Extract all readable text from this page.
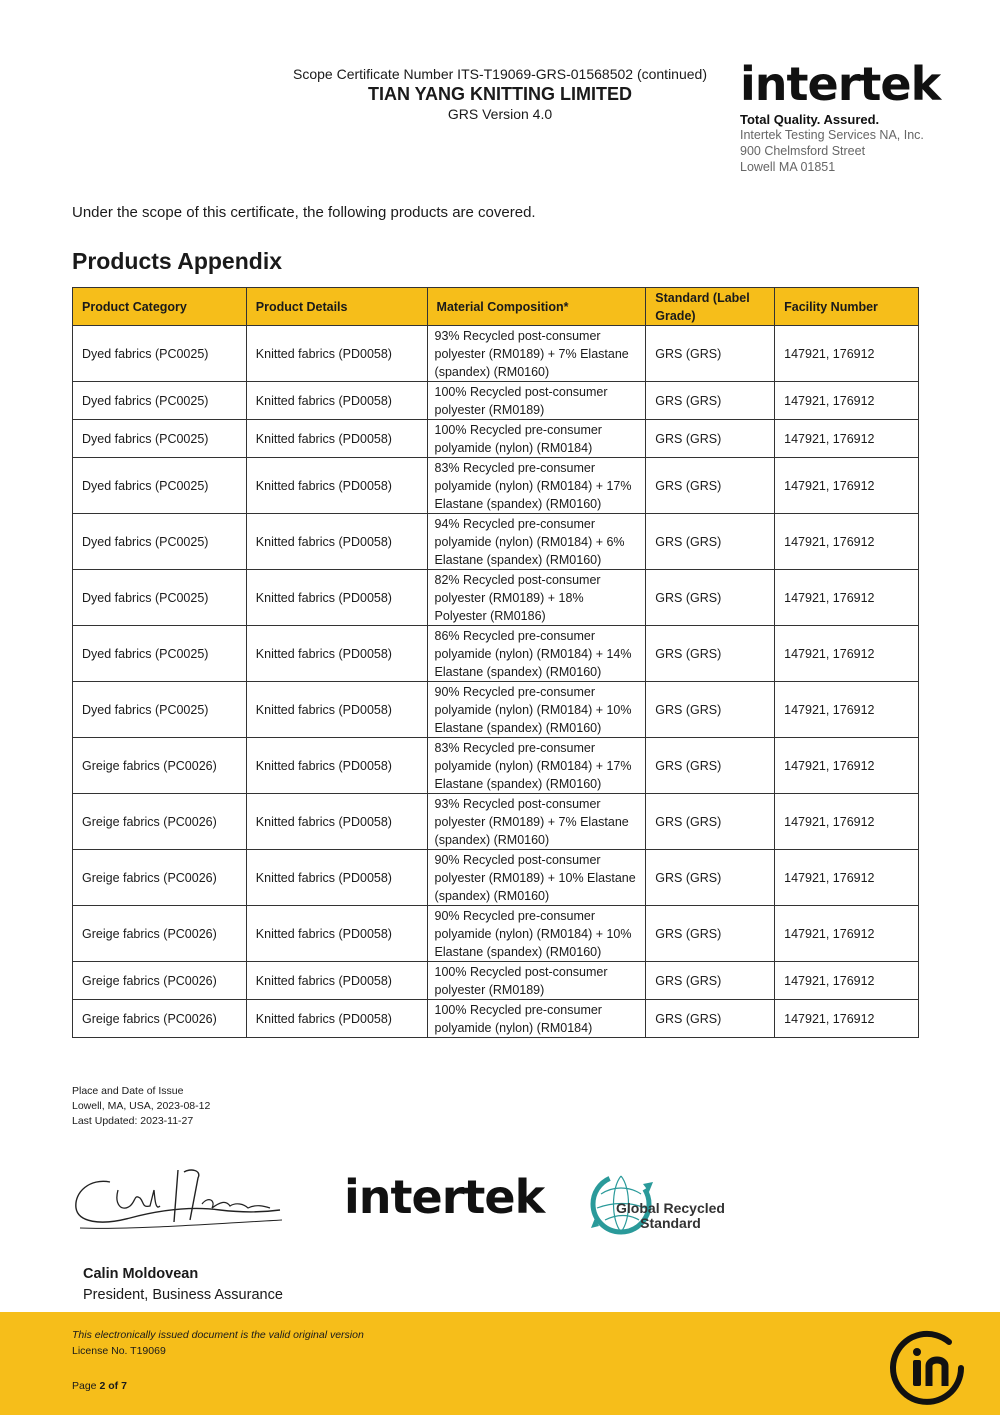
Scope Certificate Number ITS-T19069-GRS-01568502 (continued)
TIAN YANG KNITTING LIMITED
GRS Version 4.0
intertek
Total Quality. Assured.
Intertek Testing Services NA, Inc.
900 Chelmsford Street
Lowell MA 01851
Under the scope of this certificate, the following products are covered.
Products Appendix
Product Category	Product Details	Material Composition*	Standard (Label Grade)	Facility Number
Dyed fabrics (PC0025)	Knitted fabrics (PD0058)	93% Recycled post-consumer polyester (RM0189) + 7% Elastane (spandex) (RM0160)	GRS (GRS)	147921, 176912
Dyed fabrics (PC0025)	Knitted fabrics (PD0058)	100% Recycled post-consumer polyester (RM0189)	GRS (GRS)	147921, 176912
Dyed fabrics (PC0025)	Knitted fabrics (PD0058)	100% Recycled pre-consumer polyamide (nylon) (RM0184)	GRS (GRS)	147921, 176912
Dyed fabrics (PC0025)	Knitted fabrics (PD0058)	83% Recycled pre-consumer polyamide (nylon) (RM0184) + 17% Elastane (spandex) (RM0160)	GRS (GRS)	147921, 176912
Dyed fabrics (PC0025)	Knitted fabrics (PD0058)	94% Recycled pre-consumer polyamide (nylon) (RM0184) + 6% Elastane (spandex) (RM0160)	GRS (GRS)	147921, 176912
Dyed fabrics (PC0025)	Knitted fabrics (PD0058)	82% Recycled post-consumer polyester (RM0189) + 18% Polyester (RM0186)	GRS (GRS)	147921, 176912
Dyed fabrics (PC0025)	Knitted fabrics (PD0058)	86% Recycled pre-consumer polyamide (nylon) (RM0184) + 14% Elastane (spandex) (RM0160)	GRS (GRS)	147921, 176912
Dyed fabrics (PC0025)	Knitted fabrics (PD0058)	90% Recycled pre-consumer polyamide (nylon) (RM0184) + 10% Elastane (spandex) (RM0160)	GRS (GRS)	147921, 176912
Greige fabrics (PC0026)	Knitted fabrics (PD0058)	83% Recycled pre-consumer polyamide (nylon) (RM0184) + 17% Elastane (spandex) (RM0160)	GRS (GRS)	147921, 176912
Greige fabrics (PC0026)	Knitted fabrics (PD0058)	93% Recycled post-consumer polyester (RM0189) + 7% Elastane (spandex) (RM0160)	GRS (GRS)	147921, 176912
Greige fabrics (PC0026)	Knitted fabrics (PD0058)	90% Recycled post-consumer polyester (RM0189) + 10% Elastane (spandex) (RM0160)	GRS (GRS)	147921, 176912
Greige fabrics (PC0026)	Knitted fabrics (PD0058)	90% Recycled pre-consumer polyamide (nylon) (RM0184) + 10% Elastane (spandex) (RM0160)	GRS (GRS)	147921, 176912
Greige fabrics (PC0026)	Knitted fabrics (PD0058)	100% Recycled post-consumer polyester (RM0189)	GRS (GRS)	147921, 176912
Greige fabrics (PC0026)	Knitted fabrics (PD0058)	100% Recycled pre-consumer polyamide (nylon) (RM0184)	GRS (GRS)	147921, 176912
Place and Date of Issue
Lowell, MA, USA, 2023-08-12
Last Updated: 2023-11-27
intertek	Global Recycled
Standard
Calin Moldovean
President, Business Assurance
This electronically issued document is the valid original version
License No. T19069
Page 2 of 7
